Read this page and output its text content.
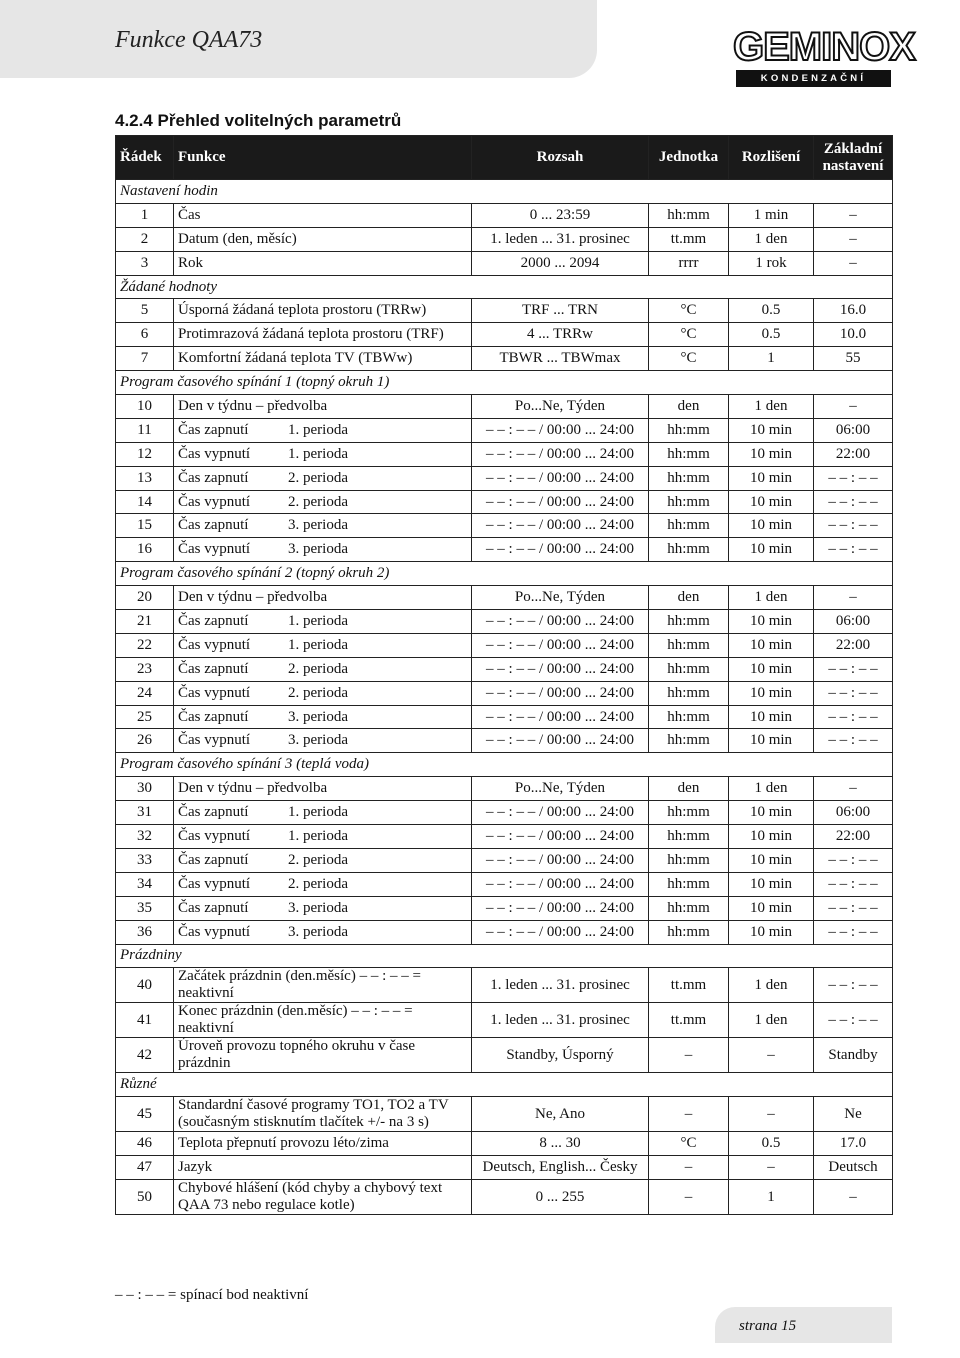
Funkce QAA73	GEMINOX
KONDENZAČNÍ KOTLE
4.2.4 Přehled volitelných parametrů
Řádek	Funkce	Rozsah	Jednotka	Rozlišení	Základní nastavení
Nastavení hodin					
1	Čas	0 ... 23:59	hh:mm	1 min	–
2	Datum (den, měsíc)	1. leden ... 31. prosinec	tt.mm	1 den	–
3	Rok	2000 ... 2094	rrrr	1 rok	–
Žádané hodnoty					
5	Úsporná žádaná teplota prostoru (TRRw)	TRF ... TRN	°C	0.5	16.0
6	Protimrazová žádaná teplota prostoru (TRF)	4 ... TRRw	°C	0.5	10.0
7	Komfortní žádaná teplota TV (TBWw)	TBWR ... TBWmax	°C	1	55
Program časového spínání 1 (topný okruh 1)					
10	Den v týdnu – předvolba	Po...Ne, Týden	den	1 den	–
11	Čas zapnutí 1. perioda	– – : – – / 00:00 ... 24:00	hh:mm	10 min	06:00
12	Čas vypnutí 1. perioda	– – : – – / 00:00 ... 24:00	hh:mm	10 min	22:00
13	Čas zapnutí 2. perioda	– – : – – / 00:00 ... 24:00	hh:mm	10 min	– – : – –
14	Čas vypnutí 2. perioda	– – : – – / 00:00 ... 24:00	hh:mm	10 min	– – : – –
15	Čas zapnutí 3. perioda	– – : – – / 00:00 ... 24:00	hh:mm	10 min	– – : – –
16	Čas vypnutí 3. perioda	– – : – – / 00:00 ... 24:00	hh:mm	10 min	– – : – –
Program časového spínání 2 (topný okruh 2)					
20	Den v týdnu – předvolba	Po...Ne, Týden	den	1 den	–
21	Čas zapnutí 1. perioda	– – : – – / 00:00 ... 24:00	hh:mm	10 min	06:00
22	Čas vypnutí 1. perioda	– – : – – / 00:00 ... 24:00	hh:mm	10 min	22:00
23	Čas zapnutí 2. perioda	– – : – – / 00:00 ... 24:00	hh:mm	10 min	– – : – –
24	Čas vypnutí 2. perioda	– – : – – / 00:00 ... 24:00	hh:mm	10 min	– – : – –
25	Čas zapnutí 3. perioda	– – : – – / 00:00 ... 24:00	hh:mm	10 min	– – : – –
26	Čas vypnutí 3. perioda	– – : – – / 00:00 ... 24:00	hh:mm	10 min	– – : – –
Program časového spínání 3 (teplá voda)					
30	Den v týdnu – předvolba	Po...Ne, Týden	den	1 den	–
31	Čas zapnutí 1. perioda	– – : – – / 00:00 ... 24:00	hh:mm	10 min	06:00
32	Čas vypnutí 1. perioda	– – : – – / 00:00 ... 24:00	hh:mm	10 min	22:00
33	Čas zapnutí 2. perioda	– – : – – / 00:00 ... 24:00	hh:mm	10 min	– – : – –
34	Čas vypnutí 2. perioda	– – : – – / 00:00 ... 24:00	hh:mm	10 min	– – : – –
35	Čas zapnutí 3. perioda	– – : – – / 00:00 ... 24:00	hh:mm	10 min	– – : – –
36	Čas vypnutí 3. perioda	– – : – – / 00:00 ... 24:00	hh:mm	10 min	– – : – –
Prázdniny					
40	Začátek prázdnin (den.měsíc) – – : – – = neaktivní	1. leden ... 31. prosinec	tt.mm	1 den	– – : – –
41	Konec prázdnin (den.měsíc) – – : – – = neaktivní	1. leden ... 31. prosinec	tt.mm	1 den	– – : – –
42	Úroveň provozu topného okruhu v čase prázdnin	Standby, Úsporný	–	–	Standby
Různé					
45	Standardní časové programy TO1, TO2 a TV (současným stisknutím tlačítek +/- na 3 s)	Ne, Ano	–	–	Ne
46	Teplota přepnutí provozu léto/zima	8 ... 30	°C	0.5	17.0
47	Jazyk	Deutsch, English... Česky	–	–	Deutsch
50	Chybové hlášení (kód chyby a chybový text QAA 73 nebo regulace kotle)	0 ... 255	–	1	–
– – : – – = spínací bod neaktivní
strana 15
